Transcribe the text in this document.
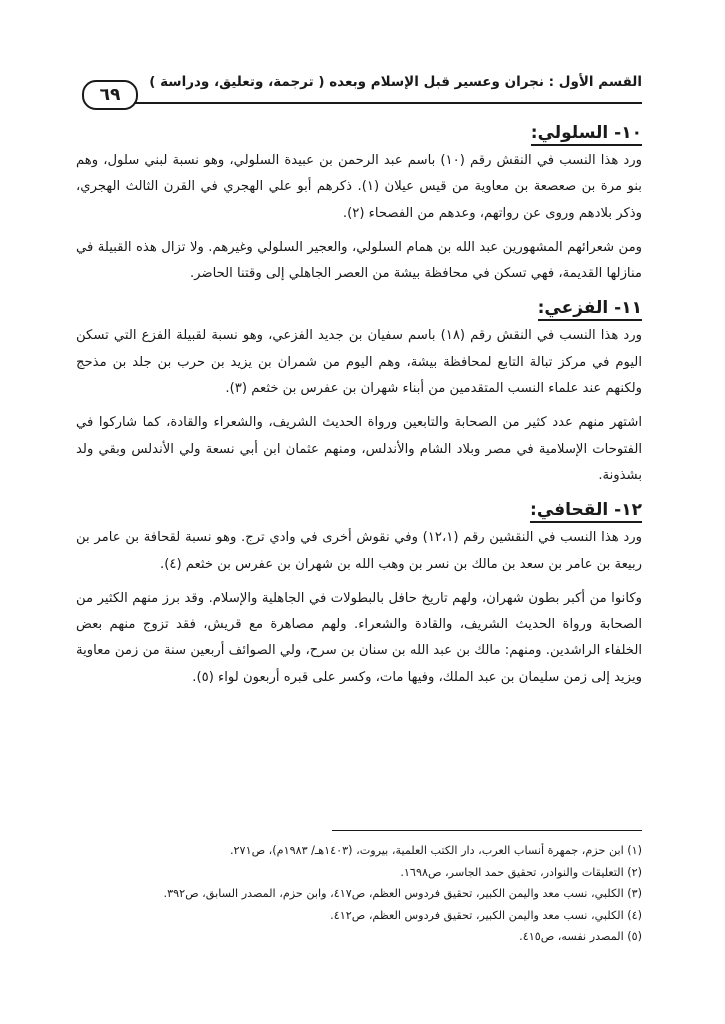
القسم الأول : نجران وعسير قبل الإسلام وبعده ( ترجمة، وتعليق، ودراسة )
٦٩
١٠- السلولي:

ورد هذا النسب في النقش رقم (١٠) باسم عبد الرحمن بن عبيدة السلولي، وهو نسبة لبني سلول، وهم بنو مرة بن صعصعة بن معاوية من قيس عيلان (١). ذكرهم أبو علي الهجري في القرن الثالث الهجري، وذكر بلادهم وروى عن رواتهم، وعدهم من الفصحاء (٢).

ومن شعرائهم المشهورين عبد الله بن همام السلولي، والعجير السلولي وغيرهم. ولا تزال هذه القبيلة في منازلها القديمة، فهي تسكن في محافظة بيشة من العصر الجاهلي إلى وقتنا الحاضر.

١١- الفزعي:

ورد هذا النسب في النقش رقم (١٨) باسم سفيان بن جديد الفزعي، وهو نسبة لقبيلة الفزع التي تسكن اليوم في مركز تبالة التابع لمحافظة بيشة، وهم اليوم من شمران بن يزيد بن حرب بن جلد بن مذحج ولكنهم عند علماء النسب المتقدمين من أبناء شهران بن عفرس بن خثعم (٣).

اشتهر منهم عدد كثير من الصحابة والتابعين ورواة الحديث الشريف، والشعراء والقادة، كما شاركوا في الفتوحات الإسلامية في مصر وبلاد الشام والأندلس، ومنهم عثمان ابن أبي نسعة ولي الأندلس وبقي ولد بشذونة.

١٢- القحافي:

ورد هذا النسب في النقشين رقم (١٢،١) وفي نقوش أخرى في وادي ترج. وهو نسبة لقحافة بن عامر بن ربيعة بن عامر بن سعد بن مالك بن نسر بن وهب الله بن شهران بن عفرس بن خثعم (٤).

وكانوا من أكبر بطون شهران، ولهم تاريخ حافل بالبطولات في الجاهلية والإسلام. وقد برز منهم الكثير من الصحابة ورواة الحديث الشريف، والقادة والشعراء. ولهم مصاهرة مع قريش، فقد تزوج منهم بعض الخلفاء الراشدين. ومنهم: مالك بن عبد الله بن سنان بن سرح، ولي الصوائف أربعين سنة من زمن معاوية ويزيد إلى زمن سليمان بن عبد الملك، وفيها مات، وكسر على قبره أربعون لواء (٥).

(١) ابن حزم، جمهرة أنساب العرب، دار الكتب العلمية، بيروت، (١٤٠٣هـ/ ١٩٨٣م)، ص٢٧١.

(٢) التعليقات والنوادر، تحقيق حمد الجاسر، ص١٦٩٨.

(٣) الكلبي، نسب معد واليمن الكبير، تحقيق فردوس العظم، ص٤١٧، وابن حزم، المصدر السابق، ص٣٩٢.

(٤) الكلبي، نسب معد واليمن الكبير، تحقيق فردوس العظم، ص٤١٢.

(٥) المصدر نفسه، ص٤١٥.
